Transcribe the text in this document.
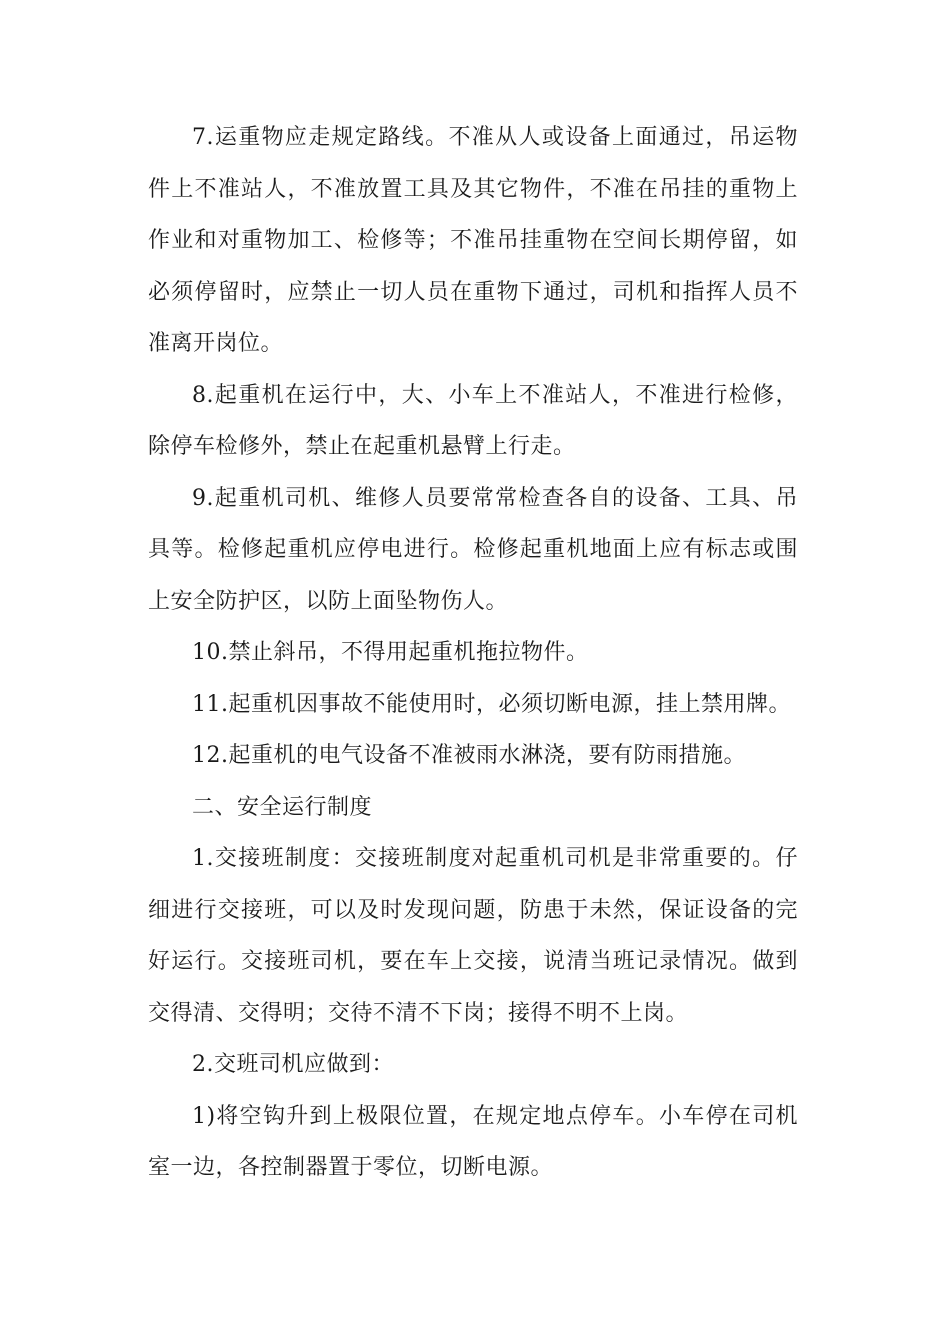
7.运重物应走规定路线。不准从人或设备上面通过，吊运物件上不准站人，不准放置工具及其它物件，不准在吊挂的重物上作业和对重物加工、检修等；不准吊挂重物在空间长期停留，如必须停留时，应禁止一切人员在重物下通过，司机和指挥人员不准离开岗位。

8.起重机在运行中，大、小车上不准站人，不准进行检修，除停车检修外，禁止在起重机悬臂上行走。

9.起重机司机、维修人员要常常检查各自的设备、工具、吊具等。检修起重机应停电进行。检修起重机地面上应有标志或围上安全防护区，以防上面坠物伤人。

10.禁止斜吊，不得用起重机拖拉物件。

11.起重机因事故不能使用时，必须切断电源，挂上禁用牌。

12.起重机的电气设备不准被雨水淋浇，要有防雨措施。

二、安全运行制度

1.交接班制度：交接班制度对起重机司机是非常重要的。仔细进行交接班，可以及时发现问题，防患于未然，保证设备的完好运行。交接班司机，要在车上交接，说清当班记录情况。做到交得清、交得明；交待不清不下岗；接得不明不上岗。

2.交班司机应做到：

1)将空钩升到上极限位置，在规定地点停车。小车停在司机室一边，各控制器置于零位，切断电源。
